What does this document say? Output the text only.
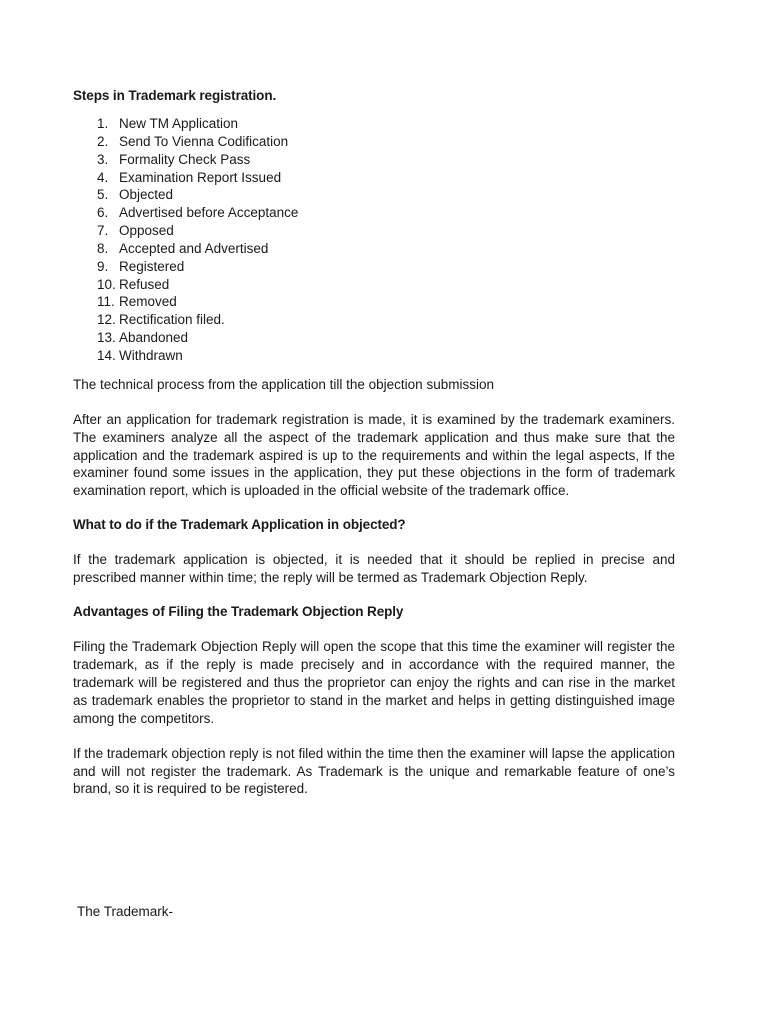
Steps in Trademark registration.
1. New TM Application
2. Send To Vienna Codification
3. Formality Check Pass
4. Examination Report Issued
5. Objected
6. Advertised before Acceptance
7. Opposed
8. Accepted and Advertised
9. Registered
10. Refused
11. Removed
12. Rectification filed.
13. Abandoned
14. Withdrawn

The technical process from the application till the objection submission

After an application for trademark registration is made, it is examined by the trademark examiners. The examiners analyze all the aspect of the trademark application and thus make sure that the application and the trademark aspired is up to the requirements and within the legal aspects, If the examiner found some issues in the application, they put these objections in the form of trademark examination report, which is uploaded in the official website of the trademark office.

What to do if the Trademark Application in objected?

If the trademark application is objected, it is needed that it should be replied in precise and prescribed manner within time; the reply will be termed as Trademark Objection Reply.

Advantages of Filing the Trademark Objection Reply

Filing the Trademark Objection Reply will open the scope that this time the examiner will register the trademark, as if the reply is made precisely and in accordance with the required manner, the trademark will be registered and thus the proprietor can enjoy the rights and can rise in the market as trademark enables the proprietor to stand in the market and helps in getting distinguished image among the competitors.

If the trademark objection reply is not filed within the time then the examiner will lapse the application and will not register the trademark. As Trademark is the unique and remarkable feature of one’s brand, so it is required to be registered.

The Trademark-
